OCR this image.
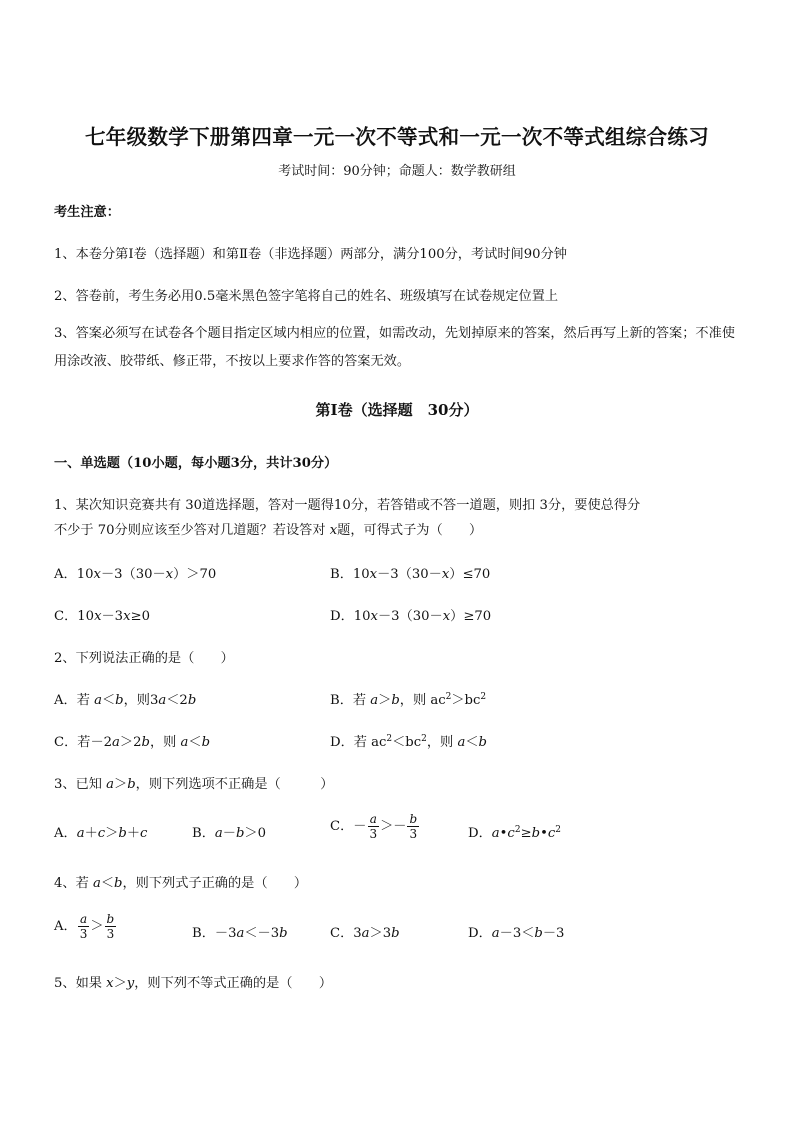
七年级数学下册第四章一元一次不等式和一元一次不等式组综合练习
考试时间：90分钟；命题人：数学教研组
考生注意：
1、本卷分第Ⅰ卷（选择题）和第Ⅱ卷（非选择题）两部分，满分100分，考试时间90分钟
2、答卷前，考生务必用0.5毫米黑色签字笔将自己的姓名、班级填写在试卷规定位置上
3、答案必须写在试卷各个题目指定区域内相应的位置，如需改动，先划掉原来的答案，然后再写上新的答案；不准使用涂改液、胶带纸、修正带，不按以上要求作答的答案无效。
第Ⅰ卷（选择题　30分）
一、单选题（10小题，每小题3分，共计30分）
1、某次知识竞赛共有 30道选择题，答对一题得10分，若答错或不答一道题，则扣 3分，要使总得分
不少于 70分则应该至少答对几道题？若设答对 x题，可得式子为（　　）
A．10x－3（30－x）＞70	B．10x－3（30－x）≤70
C．10x－3x≥0	D．10x－3（30－x）≥70
2、下列说法正确的是（　　）
A．若 a＜b，则3a＜2b	B．若 a＞b，则 $ac^2>bc^2$
C．若－2a＞2b，则 a＜b	D．若 $ac^2<bc^2$，则 a＜b
3、已知 a＞b，则下列选项不正确是（　　　）
A．a＋c＞b＋c	B．a－b＞0	C．－ $\frac{a}{3} >- \frac{b}{3}$	D．$a•c^2\ge b•c^2$
4、若 a＜b，则下列式子正确的是（　　）
A． $\frac{a}{3} > \frac{b}{3}$	B．－3a＜－3b	C．3a＞3b	D．a－3＜b－3
5、如果 x＞y，则下列不等式正确的是（　　）
